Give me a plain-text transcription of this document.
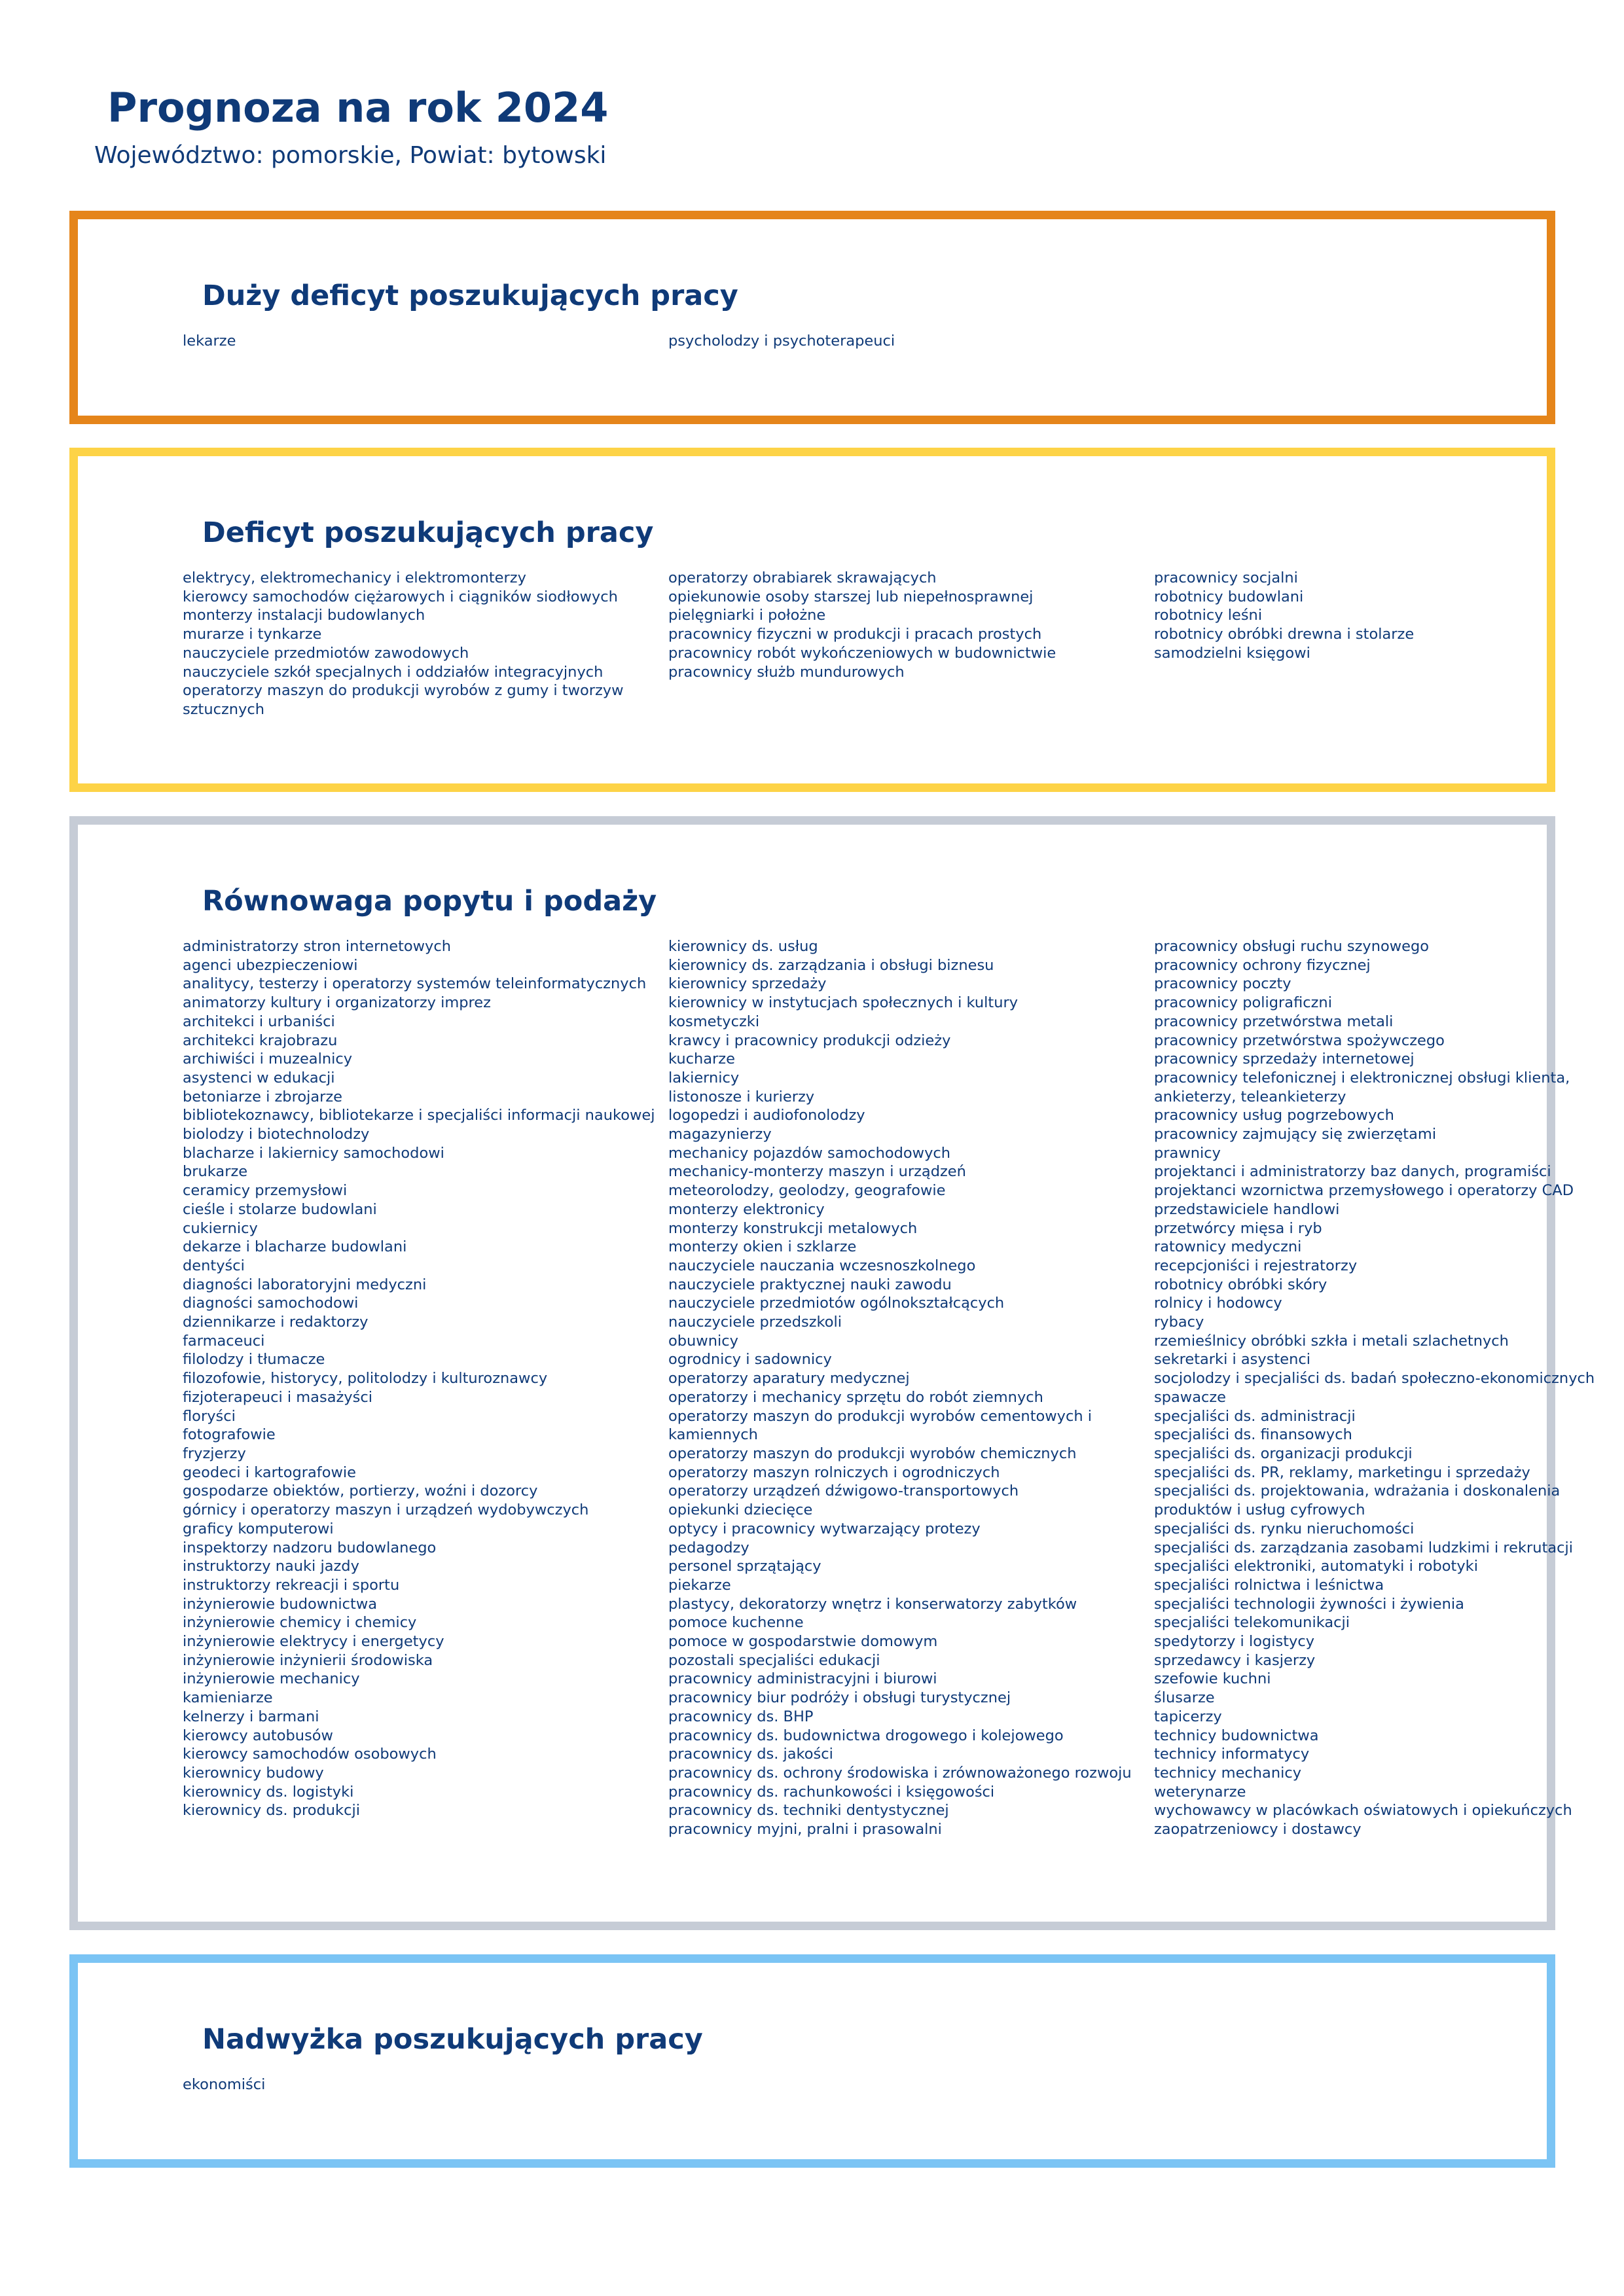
Prognoza na rok 2024

Województwo: pomorskie, Powiat: bytowski

Duży deficyt poszukujących pracy
lekarze	psycholodzy i psychoterapeuci
Deficyt poszukujących pracy
elektrycy, elektromechanicy i elektromonterzy
kierowcy samochodów ciężarowych i ciągników siodłowych
monterzy instalacji budowlanych
murarze i tynkarze
nauczyciele przedmiotów zawodowych
nauczyciele szkół specjalnych i oddziałów integracyjnych
operatorzy maszyn do produkcji wyrobów z gumy i tworzyw sztucznych
operatorzy obrabiarek skrawających
opiekunowie osoby starszej lub niepełnosprawnej
pielęgniarki i położne
pracownicy fizyczni w produkcji i pracach prostych
pracownicy robót wykończeniowych w budownictwie
pracownicy służb mundurowych
pracownicy socjalni
robotnicy budowlani
robotnicy leśni
robotnicy obróbki drewna i stolarze
samodzielni księgowi
Równowaga popytu i podaży
administratorzy stron internetowych
agenci ubezpieczeniowi
analitycy, testerzy i operatorzy systemów teleinformatycznych
animatorzy kultury i organizatorzy imprez
architekci i urbaniści
architekci krajobrazu
archiwiści i muzealnicy
asystenci w edukacji
betoniarze i zbrojarze
bibliotekoznawcy, bibliotekarze i specjaliści informacji naukowej
biolodzy i biotechnolodzy
blacharze i lakiernicy samochodowi
brukarze
ceramicy przemysłowi
cieśle i stolarze budowlani
cukiernicy
dekarze i blacharze budowlani
dentyści
diagności laboratoryjni medyczni
diagności samochodowi
dziennikarze i redaktorzy
farmaceuci
filolodzy i tłumacze
filozofowie, historycy, politolodzy i kulturoznawcy
fizjoterapeuci i masażyści
floryści
fotografowie
fryzjerzy
geodeci i kartografowie
gospodarze obiektów, portierzy, woźni i dozorcy
górnicy i operatorzy maszyn i urządzeń wydobywczych
graficy komputerowi
inspektorzy nadzoru budowlanego
instruktorzy nauki jazdy
instruktorzy rekreacji i sportu
inżynierowie budownictwa
inżynierowie chemicy i chemicy
inżynierowie elektrycy i energetycy
inżynierowie inżynierii środowiska
inżynierowie mechanicy
kamieniarze
kelnerzy i barmani
kierowcy autobusów
kierowcy samochodów osobowych
kierownicy budowy
kierownicy ds. logistyki
kierownicy ds. produkcji
kierownicy ds. usług
kierownicy ds. zarządzania i obsługi biznesu
kierownicy sprzedaży
kierownicy w instytucjach społecznych i kultury
kosmetyczki
krawcy i pracownicy produkcji odzieży
kucharze
lakiernicy
listonosze i kurierzy
logopedzi i audiofonolodzy
magazynierzy
mechanicy pojazdów samochodowych
mechanicy-monterzy maszyn i urządzeń
meteorolodzy, geolodzy, geografowie
monterzy elektronicy
monterzy konstrukcji metalowych
monterzy okien i szklarze
nauczyciele nauczania wczesnoszkolnego
nauczyciele praktycznej nauki zawodu
nauczyciele przedmiotów ogólnokształcących
nauczyciele przedszkoli
obuwnicy
ogrodnicy i sadownicy
operatorzy aparatury medycznej
operatorzy i mechanicy sprzętu do robót ziemnych
operatorzy maszyn do produkcji wyrobów cementowych i kamiennych
operatorzy maszyn do produkcji wyrobów chemicznych
operatorzy maszyn rolniczych i ogrodniczych
operatorzy urządzeń dźwigowo-transportowych
opiekunki dziecięce
optycy i pracownicy wytwarzający protezy
pedagodzy
personel sprzątający
piekarze
plastycy, dekoratorzy wnętrz i konserwatorzy zabytków
pomoce kuchenne
pomoce w gospodarstwie domowym
pozostali specjaliści edukacji
pracownicy administracyjni i biurowi
pracownicy biur podróży i obsługi turystycznej
pracownicy ds. BHP
pracownicy ds. budownictwa drogowego i kolejowego
pracownicy ds. jakości
pracownicy ds. ochrony środowiska i zrównoważonego rozwoju
pracownicy ds. rachunkowości i księgowości
pracownicy ds. techniki dentystycznej
pracownicy myjni, pralni i prasowalni
pracownicy obsługi ruchu szynowego
pracownicy ochrony fizycznej
pracownicy poczty
pracownicy poligraficzni
pracownicy przetwórstwa metali
pracownicy przetwórstwa spożywczego
pracownicy sprzedaży internetowej
pracownicy telefonicznej i elektronicznej obsługi klienta, ankieterzy, teleankieterzy
pracownicy usług pogrzebowych
pracownicy zajmujący się zwierzętami
prawnicy
projektanci i administratorzy baz danych, programiści
projektanci wzornictwa przemysłowego i operatorzy CAD
przedstawiciele handlowi
przetwórcy mięsa i ryb
ratownicy medyczni
recepcjoniści i rejestratorzy
robotnicy obróbki skóry
rolnicy i hodowcy
rybacy
rzemieślnicy obróbki szkła i metali szlachetnych
sekretarki i asystenci
socjolodzy i specjaliści ds. badań społeczno-ekonomicznych
spawacze
specjaliści ds. administracji
specjaliści ds. finansowych
specjaliści ds. organizacji produkcji
specjaliści ds. PR, reklamy, marketingu i sprzedaży
specjaliści ds. projektowania, wdrażania i doskonalenia produktów i usług cyfrowych
specjaliści ds. rynku nieruchomości
specjaliści ds. zarządzania zasobami ludzkimi i rekrutacji
specjaliści elektroniki, automatyki i robotyki
specjaliści rolnictwa i leśnictwa
specjaliści technologii żywności i żywienia
specjaliści telekomunikacji
spedytorzy i logistycy
sprzedawcy i kasjerzy
szefowie kuchni
ślusarze
tapicerzy
technicy budownictwa
technicy informatycy
technicy mechanicy
weterynarze
wychowawcy w placówkach oświatowych i opiekuńczych
zaopatrzeniowcy i dostawcy
Nadwyżka poszukujących pracy
ekonomiści
